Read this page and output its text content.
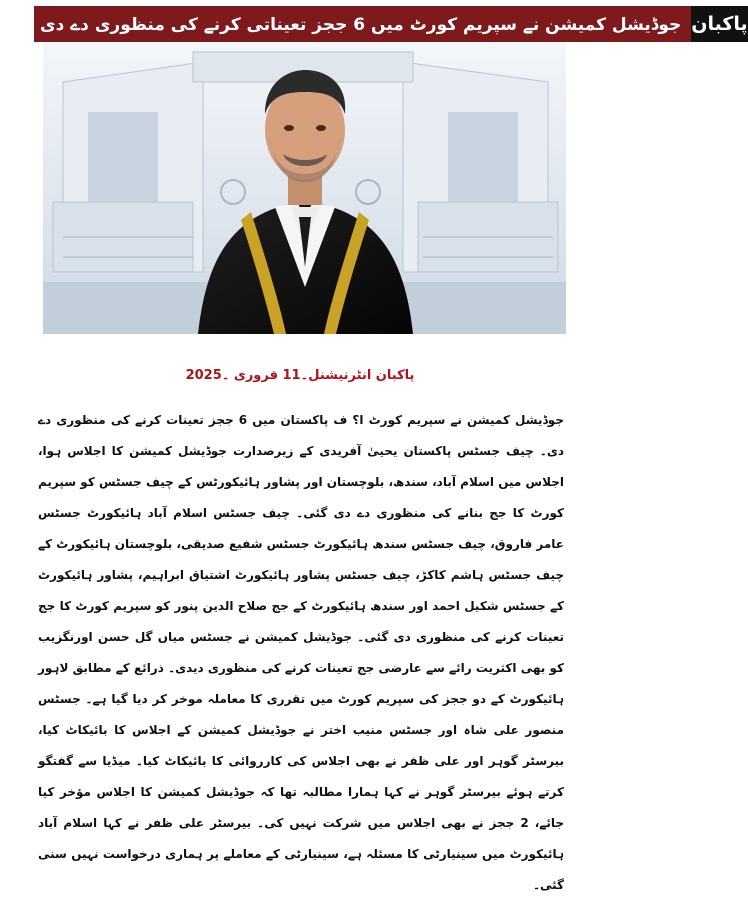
جوڈیشل کمیشن نے سپریم کورٹ میں 6 ججز تعیناتی کرنے کی منظوری دے دی پاکبان
پاکبان انٹرنیشنل۔11 فروری ۔2025

جوڈیشل کمیشن نے سپریم کورٹ ا؟ ف پاکستان میں 6 ججز تعینات کرنے کی منظوری دے دی۔ چیف جسٹس پاکستان یحییٰ آفریدی کے زیرصدارت جوڈیشل کمیشن کا اجلاس ہوا، اجلاس میں اسلام آباد، سندھ، بلوچستان اور پشاور ہائیکورٹس کے چیف جسٹس کو سپریم کورٹ کا جج بنانے کی منظوری دے دی گئی۔ چیف جسٹس اسلام آباد ہائیکورٹ جسٹس عامر فاروق، چیف جسٹس سندھ ہائیکورٹ جسٹس شفیع صدیقی، بلوچستان ہائیکورٹ کے چیف جسٹس ہاشم کاکڑ، چیف جسٹس پشاور ہائیکورٹ اشتیاق ابراہیم، پشاور ہائیکورٹ کے جسٹس شکیل احمد اور سندھ ہائیکورٹ کے جج صلاح الدین پنور کو سپریم کورٹ کا جج تعینات کرنے کی منظوری دی گئی۔ جوڈیشل کمیشن نے جسٹس میاں گل حسن اورنگزیب کو بھی اکثریت رائے سے عارضی جج تعینات کرنے کی منظوری دیدی۔ ذرائع کے مطابق لاہور ہائیکورٹ کے دو ججز کی سپریم کورٹ میں تقرری کا معاملہ موخر کر دیا گیا ہے۔ جسٹس منصور علی شاہ اور جسٹس منیب اختر نے جوڈیشل کمیشن کے اجلاس کا بائیکاٹ کیا، بیرسٹر گوہر اور علی ظفر نے بھی اجلاس کی کارروائی کا بائیکاٹ کیا۔ میڈیا سے گفتگو کرتے ہوئے بیرسٹر گوہر نے کہا ہمارا مطالبہ تھا کہ جوڈیشل کمیشن کا اجلاس مؤخر کیا جائے، 2 ججز نے بھی اجلاس میں شرکت نہیں کی۔ بیرسٹر علی ظفر نے کہا اسلام آباد ہائیکورٹ میں سینیارٹی کا مسئلہ ہے، سینیارٹی کے معاملے پر ہماری درخواست نہیں سنی گئی۔
